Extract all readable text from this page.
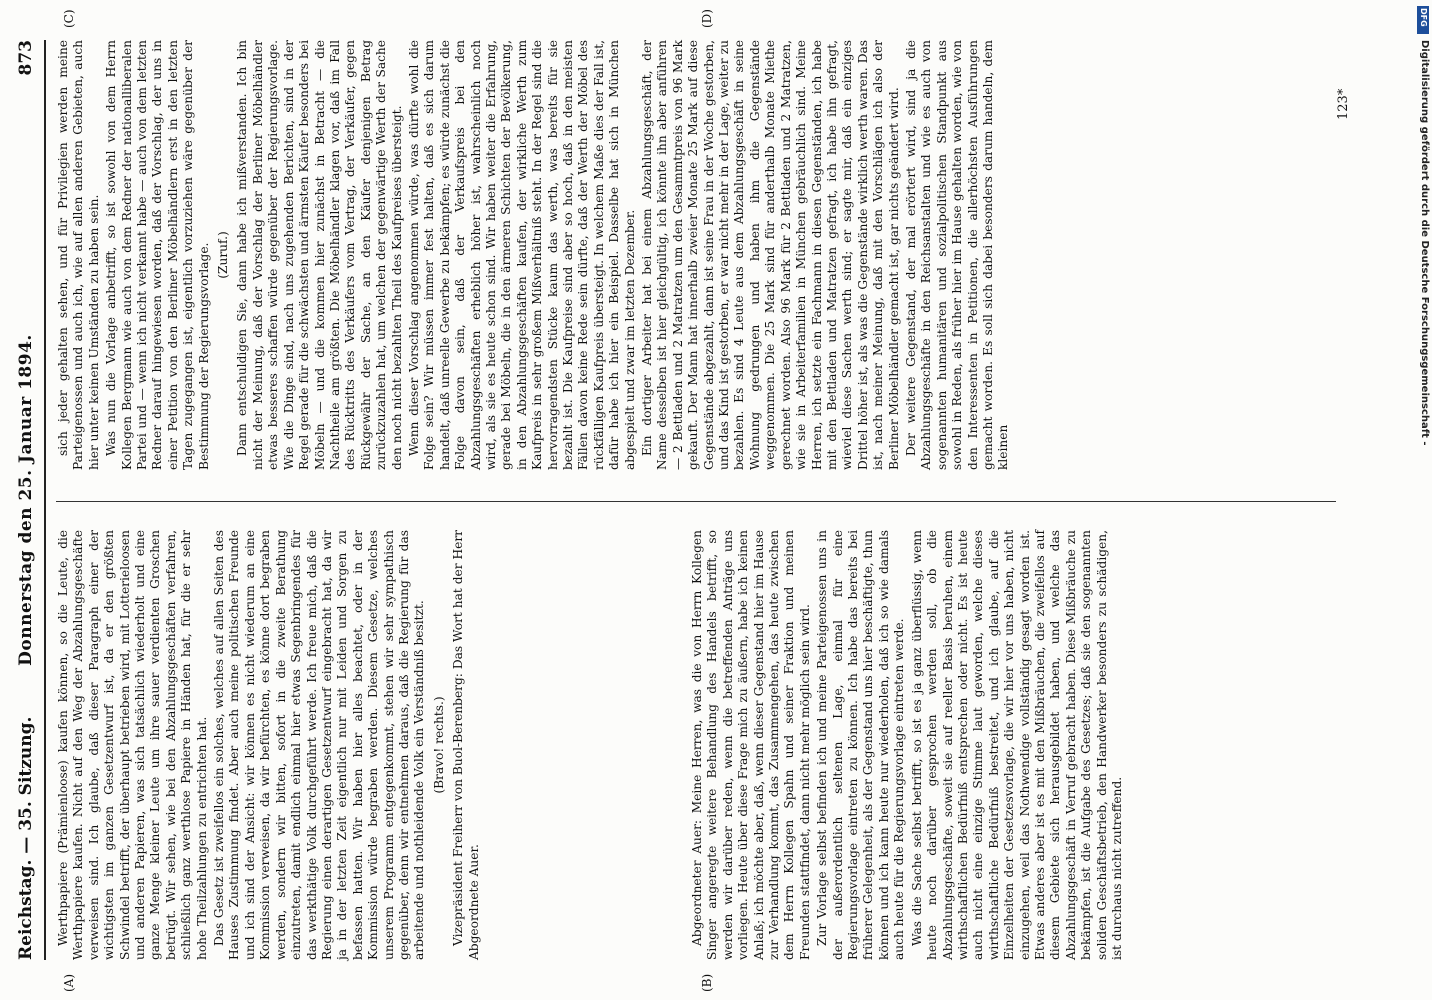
Reichstag. — 35. Sitzung.
Donnerstag den 25. Januar 1894.
873
(A)	(B)
(C)	(D)

Werthpapiere (Prämienloose) kaufen können, so die Leute, die Werthpapiere kaufen. Nicht auf den Weg der Abzahlungsgeschäfte verweisen sind. Ich glaube, daß dieser Paragraph einer der wichtigsten im ganzen Gesetzentwurf ist, da er den größten Schwindel betrifft, der überhaupt betrieben wird, mit Lotterieloosen und anderen Papieren, was sich tatsächlich wiederholt und eine ganze Menge kleiner Leute um ihre sauer verdienten Groschen betrügt. Wir sehen, wie bei den Abzahlungsgeschäften verfahren, schließlich ganz werthlose Papiere in Händen hat, für die er sehr hohe Theilzahlungen zu entrichten hat. Das Gesetz ist zweifellos ein solches, welches auf allen Seiten des Hauses Zustimmung findet. Aber auch meine politischen Freunde und ich sind der Ansicht: wir können es nicht wiederum an eine Kommission verweisen, da wir befürchten, es könne dort begraben werden, sondern wir bitten, sofort in die zweite Berathung einzutreten, damit endlich einmal hier etwas Segenbringendes für das werkthätige Volk durchgeführt werde. Ich freue mich, daß die Regierung einen derartigen Gesetzentwurf eingebracht hat, da wir ja in der letzten Zeit eigentlich nur mit Leiden und Sorgen zu befassen hatten. Wir haben hier alles beachtet, oder in der Kommission würde begraben werden. Diesem Gesetze, welches unserem Programm entgegenkommt, stehen wir sehr sympathisch gegenüber, denn wir entnehmen daraus, daß die Regierung für das arbeitende und nothleidende Volk ein Verständniß besitzt. (Bravo! rechts.) Vizepräsident Freiherr von Buol-Berenberg: Das Wort hat der Herr Abgeordnete Auer.	Abgeordneter Auer: Meine Herren, was die von Herrn Kollegen Singer angeregte weitere Behandlung des Handels betrifft, so werden wir darüber reden, wenn die betreffenden Anträge uns vorliegen. Heute über diese Frage mich zu äußern, habe ich keinen Anlaß; ich möchte aber, daß, wenn dieser Gegenstand hier im Hause zur Verhandlung kommt, das Zusammengehen, das heute zwischen dem Herrn Kollegen Spahn und seiner Fraktion und meinen Freunden stattfindet, dann nicht mehr möglich sein wird. Zur Vorlage selbst befinden ich und meine Parteigenossen uns in der außerordentlich seltenen Lage, einmal für eine Regierungsvorlage eintreten zu können. Ich habe das bereits bei früherer Gelegenheit, als der Gegenstand uns hier beschäftigte, thun können und ich kann heute nur wiederholen, daß ich so wie damals auch heute für die Regierungsvorlage eintreten werde. Was die Sache selbst betrifft, so ist es ja ganz überflüssig, wenn heute noch darüber gesprochen werden soll, ob die Abzahlungsgeschäfte, soweit sie auf reeller Basis beruhen, einem wirthschaftlichen Bedürfniß entsprechen oder nicht. Es ist heute auch nicht eine einzige Stimme laut geworden, welche dieses wirthschaftliche Bedürfniß bestreitet, und ich glaube, auf die Einzelheiten der Gesetzesvorlage, die wir hier vor uns haben, nicht einzugehen, weil das Nothwendige vollständig gesagt worden ist. Etwas anderes aber ist es mit den Mißbräuchen, die zweifellos auf diesem Gebiete sich herausgebildet haben, und welche das Abzahlungsgeschäft in Verruf gebracht haben. Diese Mißbräuche zu bekämpfen, ist die Aufgabe des Gesetzes; daß sie den sogenannten soliden Geschäftsbetrieb, den Handwerker besonders zu schädigen, ist durchaus nicht zutreffend.

sich jeder gehalten sehen, und für Privilegien werden meine Parteigenossen und auch ich, wie auf allen anderen Gebieten, auch hier unter keinen Umständen zu haben sein. Was nun die Vorlage anbetrifft, so ist sowohl von dem Herrn Kollegen Bergmann wie auch von dem Redner der nationalliberalen Partei und — wenn ich nicht verkannt habe — auch von dem letzten Redner darauf hingewiesen worden, daß der Vorschlag, der uns in einer Petition von den Berliner Möbelhändlern erst in den letzten Tagen zugegangen ist, eigentlich vorzuziehen wäre gegenüber der Bestimmung der Regierungsvorlage. (Zuruf.) Dann entschuldigen Sie, dann habe ich mißverstanden. Ich bin nicht der Meinung, daß der Vorschlag der Berliner Möbelhändler etwas besseres schaffen würde gegenüber der Regierungsvorlage. Wie die Dinge sind, nach uns zugehenden Berichten, sind in der Regel gerade für die schwächsten und ärmsten Käufer besonders bei Möbeln — und die kommen hier zunächst in Betracht — die Nachtheile am größten. Die Möbelhändler klagen vor, daß im Fall des Rücktritts des Verkäufers vom Vertrag, der Verkäufer, gegen Rückgewähr der Sache, an den Käufer denjenigen Betrag zurückzuzahlen hat, um welchen der gegenwärtige Werth der Sache den noch nicht bezahlten Theil des Kaufpreises übersteigt. Wenn dieser Vorschlag angenommen würde, was dürfte wohl die Folge sein? Wir müssen immer fest halten, daß es sich darum handelt, daß unreelle Gewerbe zu bekämpfen; es würde zunächst die Folge davon sein, daß der Verkaufspreis bei den Abzahlungsgeschäften erheblich höher ist, wahrscheinlich noch wird, als sie es heute schon sind. Wir haben weiter die Erfahrung, gerade bei Möbeln, die in den ärmeren Schichten der Bevölkerung, in den Abzahlungsgeschäften kaufen, der wirkliche Werth zum Kaufpreis in sehr großem Mißverhältniß steht. In der Regel sind die hervorragendsten Stücke kaum das werth, was bereits für sie bezahlt ist. Die Kaufpreise sind aber so hoch, daß in den meisten Fällen davon keine Rede sein dürfte, daß der Werth der Möbel des rückfälligen Kaufpreis übersteigt. In welchem Maße dies der Fall ist, dafür habe ich hier ein Beispiel. Dasselbe hat sich in München abgespielt und zwar im letzten Dezember. Ein dortiger Arbeiter hat bei einem Abzahlungsgeschäft, der Name desselben ist hier gleichgültig, ich könnte ihn aber anführen — 2 Bettladen und 2 Matratzen um den Gesammtpreis von 96 Mark gekauft. Der Mann hat innerhalb zweier Monate 25 Mark auf diese Gegenstände abgezahlt, dann ist seine Frau in der Woche gestorben, und das Kind ist gestorben, er war nicht mehr in der Lage, weiter zu bezahlen. Es sind 4 Leute aus dem Abzahlungsgeschäft in seine Wohnung gedrungen und haben ihm die Gegenstände weggenommen. Die 25 Mark sind für anderthalb Monate Miethe gerechnet worden. Also 96 Mark für 2 Bettladen und 2 Matratzen, wie sie in Arbeiterfamilien in München gebräuchlich sind. Meine Herren, ich setzte ein Fachmann in diesen Gegenständen, ich habe mit den Bettladen und Matratzen gefragt, ich habe ihn gefragt, wieviel diese Sachen werth sind; er sagte mir, daß ein einziges Drittel höher ist, als was die Gegenstände wirklich werth waren. Das ist, nach meiner Meinung, daß mit den Vorschlägen ich also der Berliner Möbelhändler gemacht ist, gar nichts geändert wird. Der weitere Gegenstand, der mal erörtert wird, sind ja die Abzahlungsgeschäfte in den Reichsanstalten und wie es auch von sogenannten humanitären und sozialpolitischen Standpunkt aus sowohl in Reden, als früher hier im Hause gehalten worden, wie von den Interessenten in Petitionen, die allerhöchsten Ausführungen gemacht worden. Es soll sich dabei besonders darum handeln, dem kleinen

123*
DFG
Digitalisierung gefördert durch die Deutsche Forschungsgemeinschaft -
